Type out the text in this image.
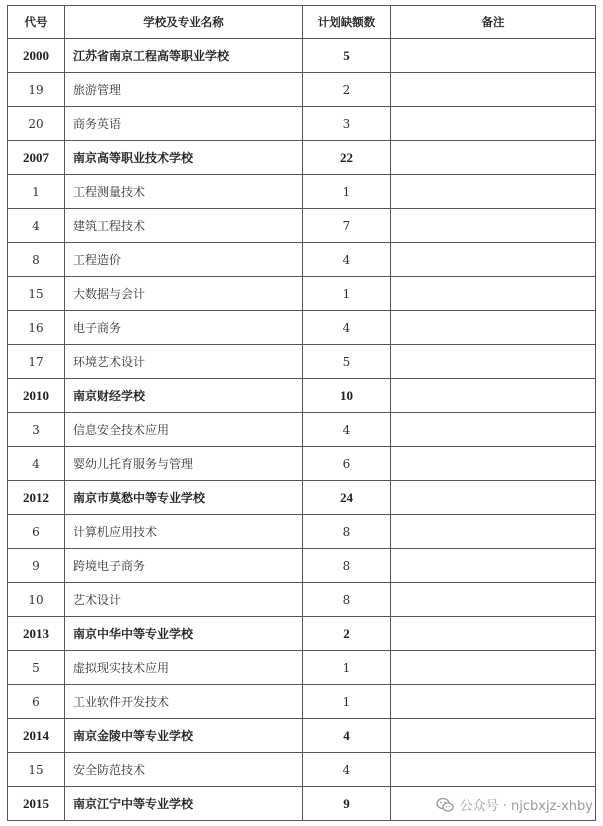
代号	学校及专业名称	计划缺额数	备注
2000	江苏省南京工程高等职业学校	5	
19	旅游管理	2	
20	商务英语	3	
2007	南京高等职业技术学校	22	
1	工程测量技术	1	
4	建筑工程技术	7	
8	工程造价	4	
15	大数据与会计	1	
16	电子商务	4	
17	环境艺术设计	5	
2010	南京财经学校	10	
3	信息安全技术应用	4	
4	婴幼儿托育服务与管理	6	
2012	南京市莫愁中等专业学校	24	
6	计算机应用技术	8	
9	跨境电子商务	8	
10	艺术设计	8	
2013	南京中华中等专业学校	2	
5	虚拟现实技术应用	1	
6	工业软件开发技术	1	
2014	南京金陵中等专业学校	4	
15	安全防范技术	4	
2015	南京江宁中等专业学校	9		公众号 · njcbxjz-xhby
